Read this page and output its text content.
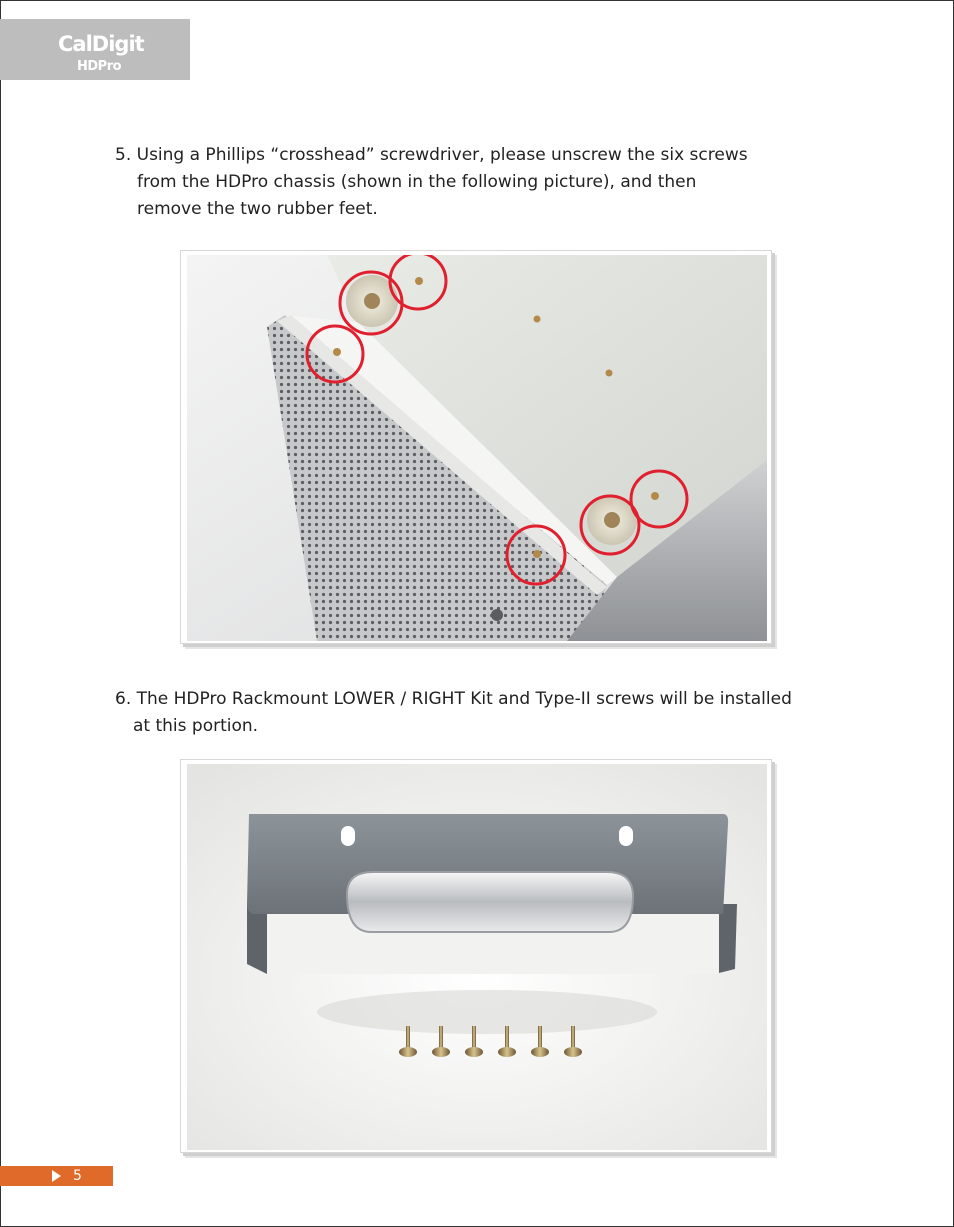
CalDigit
HDPro
5. Using a Phillips “crosshead” screwdriver, please unscrew the six screws
from the HDPro chassis (shown in the following picture), and then
remove the two rubber feet.
6. The HDPro Rackmount LOWER / RIGHT Kit and Type-II screws will be installed
at this portion.
5
